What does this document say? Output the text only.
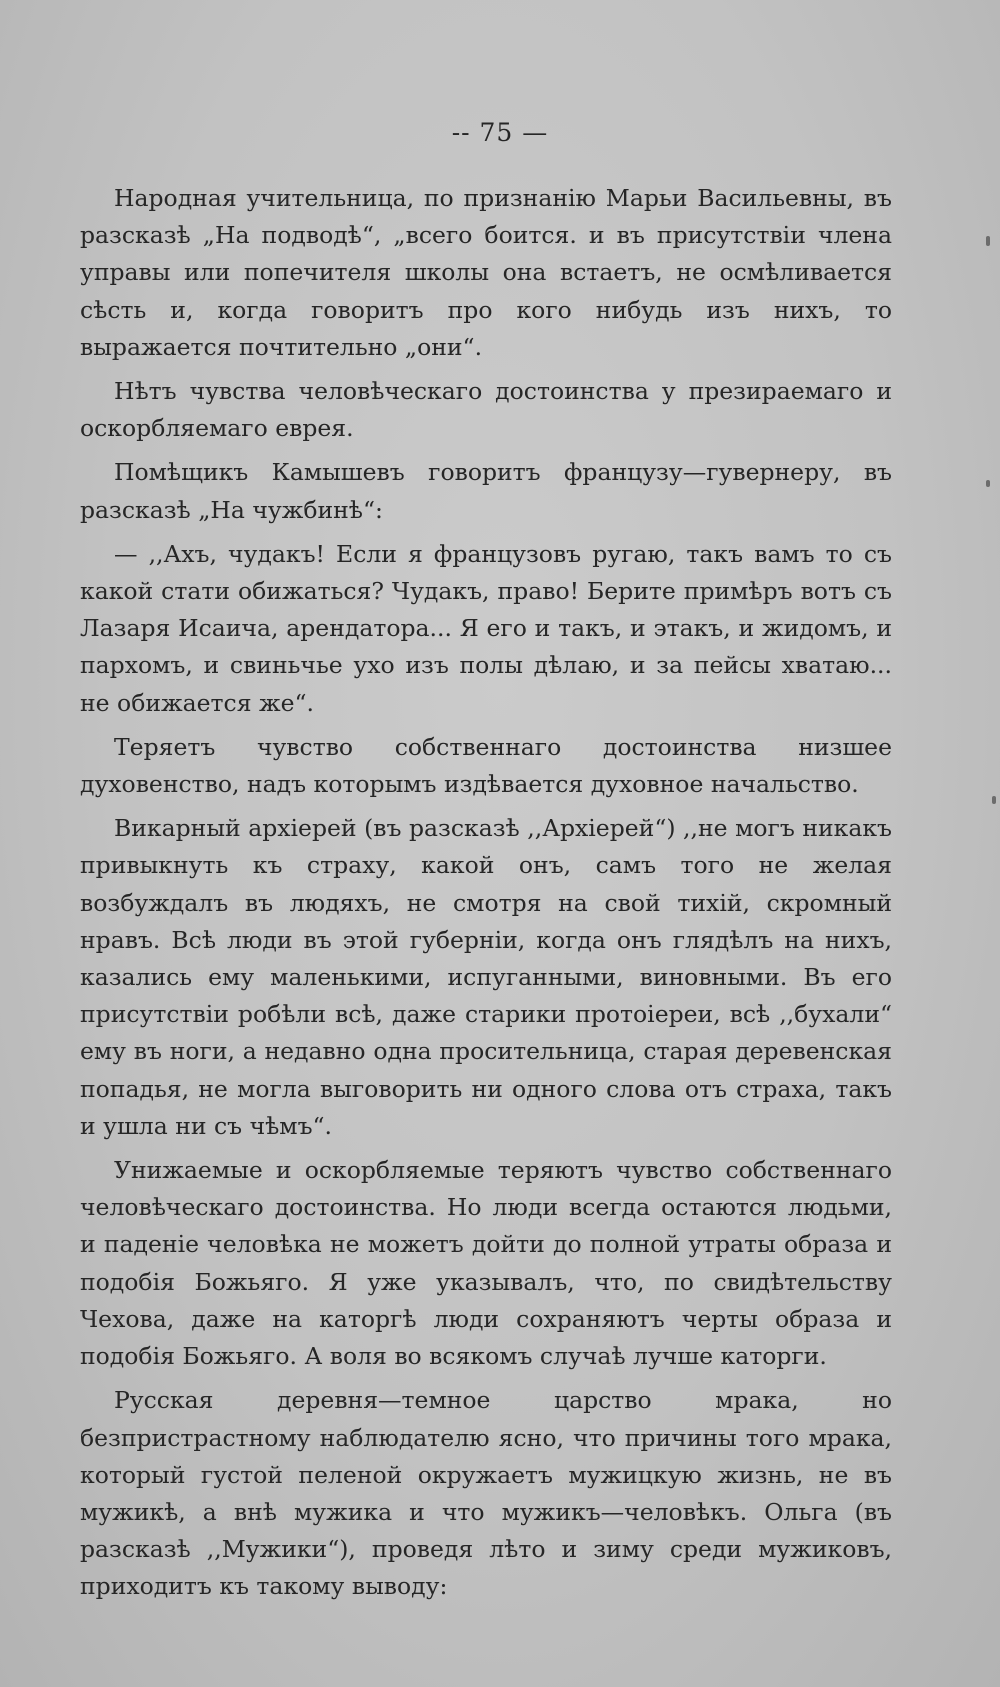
-- 75 —

Народная учительница, по признанію Марьи Васильевны, въ разсказѣ „На подводѣ“, „всего боится. и въ присутствіи члена управы или попечителя школы она встаетъ, не осмѣливается сѣсть и, когда говоритъ про кого нибудь изъ нихъ, то выражается почтительно „они“.

Нѣтъ чувства человѣческаго достоинства у презираемаго и оскорбляемаго еврея.

Помѣщикъ Камышевъ говоритъ французу—гувернеру, въ разсказѣ „На чужбинѣ“:

— ,,Ахъ, чудакъ! Если я французовъ ругаю, такъ вамъ то съ какой стати обижаться? Чудакъ, право! Берите примѣръ вотъ съ Лазаря Исаича, арендатора... Я его и такъ, и этакъ, и жидомъ, и пархомъ, и свиньчье ухо изъ полы дѣлаю, и за пейсы хватаю... не обижается же“.

Теряетъ чувство собственнаго достоинства низшее духовенство, надъ которымъ издѣвается духовное начальство.

Викарный архіерей (въ разсказѣ ,,Архіерей“) ,,не могъ никакъ привыкнуть къ страху, какой онъ, самъ того не желая возбуждалъ въ людяхъ, не смотря на свой тихій, скромный нравъ. Всѣ люди въ этой губерніи, когда онъ глядѣлъ на нихъ, казались ему маленькими, испуганными, виновными. Въ его присутствіи робѣли всѣ, даже старики протоіереи, всѣ ,,бухали“ ему въ ноги, а недавно одна просительница, старая деревенская попадья, не могла выговорить ни одного слова отъ страха, такъ и ушла ни съ чѣмъ“.

Унижаемые и оскорбляемые теряютъ чувство собственнаго человѣческаго достоинства. Но люди всегда остаются людьми, и паденіе человѣка не можетъ дойти до полной утраты образа и подобія Божьяго. Я уже указывалъ, что, по свидѣтельству Чехова, даже на каторгѣ люди сохраняютъ черты образа и подобія Божьяго. А воля во всякомъ случаѣ лучше каторги.

Русская деревня—темное царство мрака, но безпристрастному наблюдателю ясно, что причины того мрака, который густой пеленой окружаетъ мужицкую жизнь, не въ мужикѣ, а внѣ мужика и что мужикъ—человѣкъ. Ольга (въ разсказѣ ,,Мужики“), проведя лѣто и зиму среди мужиковъ, приходитъ къ такому выводу:
